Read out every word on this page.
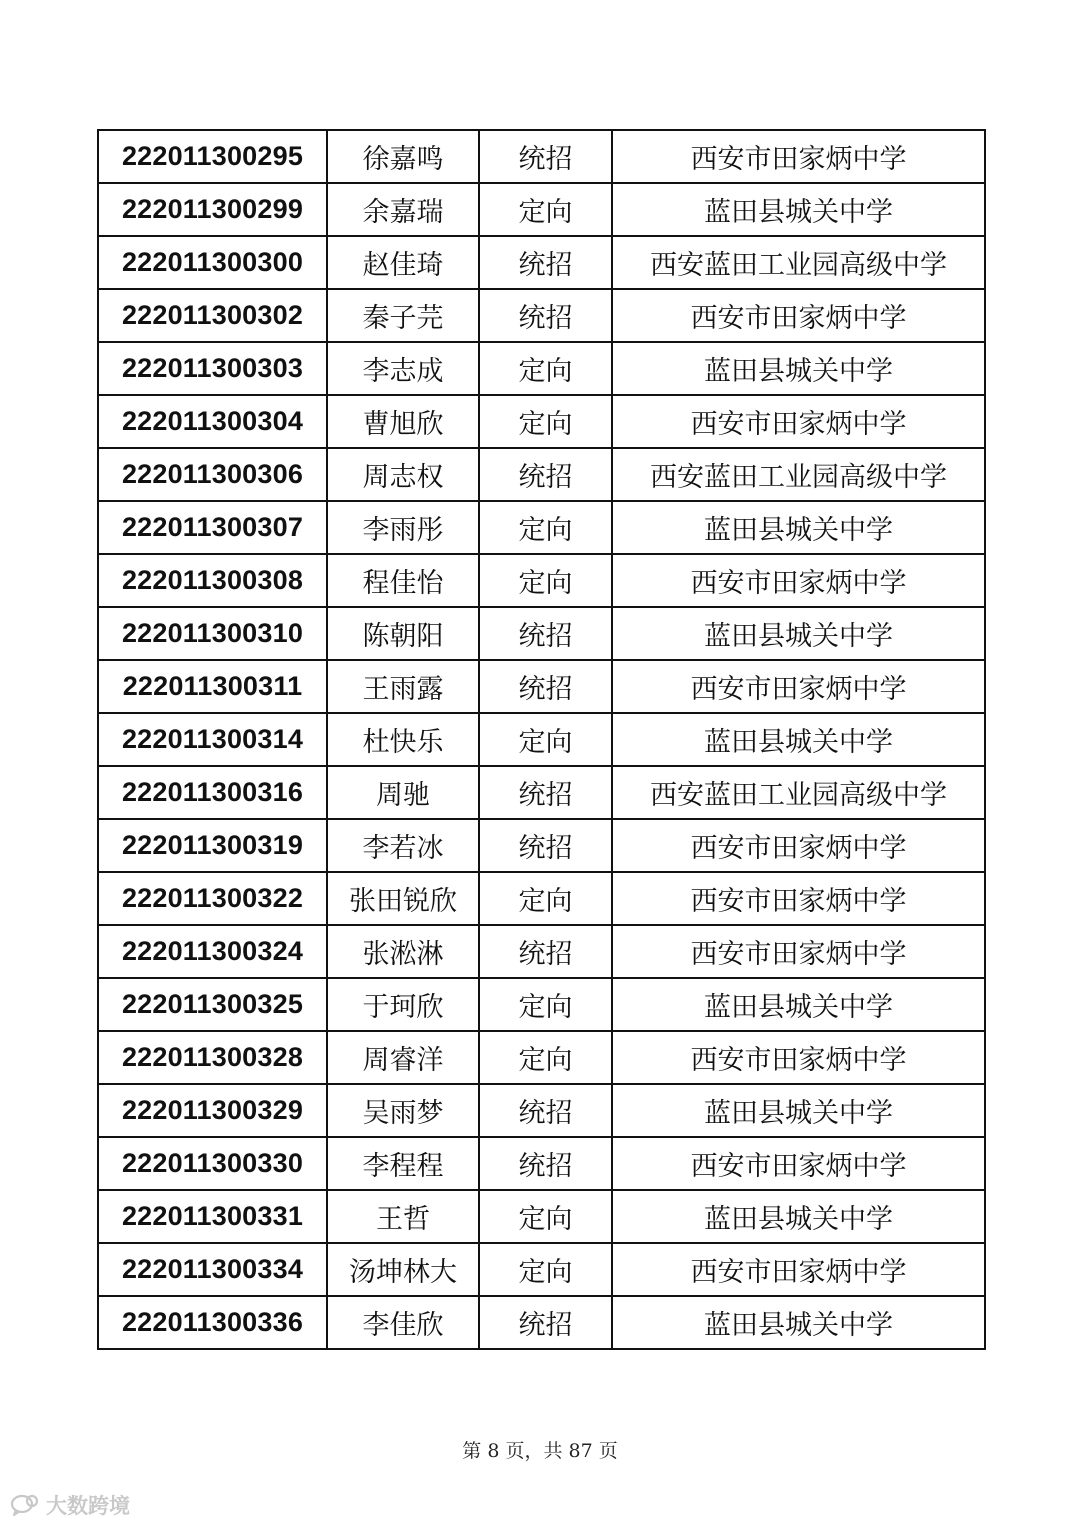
222011300295	徐嘉鸣	统招	西安市田家炳中学
222011300299	余嘉瑞	定向	蓝田县城关中学
222011300300	赵佳琦	统招	西安蓝田工业园高级中学
222011300302	秦子芫	统招	西安市田家炳中学
222011300303	李志成	定向	蓝田县城关中学
222011300304	曹旭欣	定向	西安市田家炳中学
222011300306	周志权	统招	西安蓝田工业园高级中学
222011300307	李雨彤	定向	蓝田县城关中学
222011300308	程佳怡	定向	西安市田家炳中学
222011300310	陈朝阳	统招	蓝田县城关中学
222011300311	王雨露	统招	西安市田家炳中学
222011300314	杜快乐	定向	蓝田县城关中学
222011300316	周驰	统招	西安蓝田工业园高级中学
222011300319	李若冰	统招	西安市田家炳中学
222011300322	张田锐欣	定向	西安市田家炳中学
222011300324	张淞淋	统招	西安市田家炳中学
222011300325	于珂欣	定向	蓝田县城关中学
222011300328	周睿洋	定向	西安市田家炳中学
222011300329	吴雨梦	统招	蓝田县城关中学
222011300330	李程程	统招	西安市田家炳中学
222011300331	王哲	定向	蓝田县城关中学
222011300334	汤坤林大	定向	西安市田家炳中学
222011300336	李佳欣	统招	蓝田县城关中学
第 8 页，共 87 页
大数跨境
